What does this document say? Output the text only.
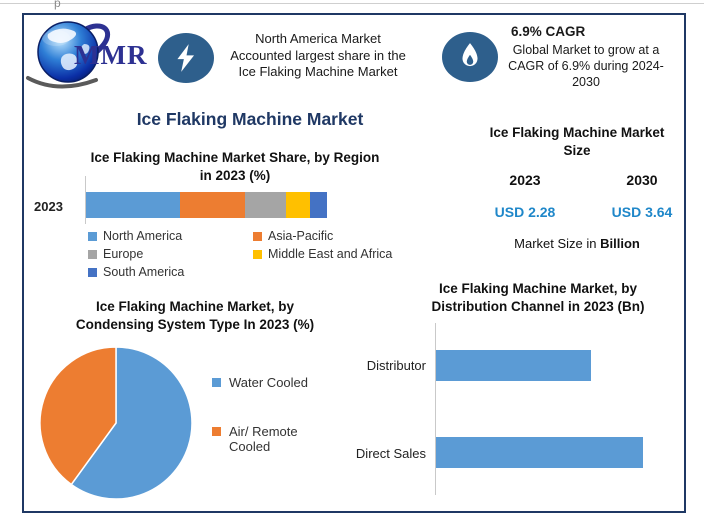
p
MMR
North America Market
Accounted largest share in the
Ice Flaking Machine Market
6.9% CAGR
Global Market to grow at a
CAGR of 6.9% during 2024-
2030
Ice Flaking Machine Market
Ice Flaking Machine Market Share, by Region
in 2023 (%)
2023
North America	Asia-Pacific
Europe	Middle East and Africa
South America
Ice Flaking Machine Market
Size
2023	2030
USD 2.28	USD 3.64
Market Size in Billion
Ice Flaking Machine Market, by
Condensing System Type In 2023 (%)
Water Cooled
Air/ Remote Cooled
Ice Flaking Machine Market, by
Distribution Channel in 2023 (Bn)
Distributor
Direct Sales
